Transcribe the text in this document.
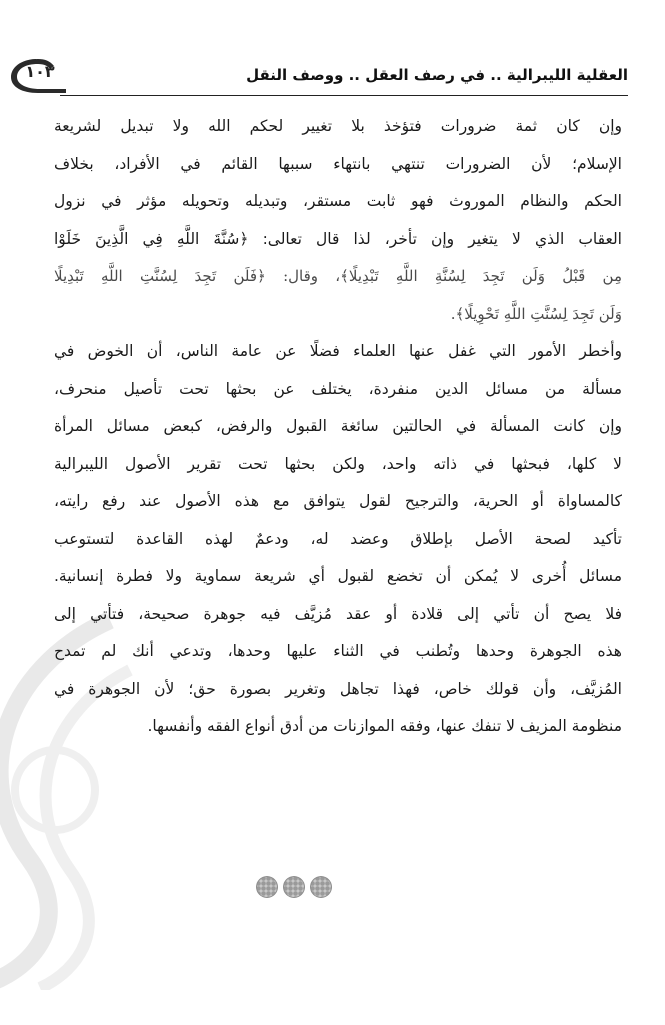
١٠٣	العقلية الليبرالية .. في رصف العقل .. ووصف النقل
وإن كان ثمة ضرورات فتؤخذ بلا تغيير لحكم الله ولا تبديل لشريعة
الإسلام؛ لأن الضرورات تنتهي بانتهاء سببها القائم في الأفراد، بخلاف
الحكم والنظام الموروث فهو ثابت مستقر، وتبديله وتحويله مؤثر في نزول
العقاب الذي لا يتغير وإن تأخر، لذا قال تعالى: ﴿سُنَّةَ اللَّهِ فِي الَّذِينَ خَلَوْا
مِن قَبْلُ وَلَن تَجِدَ لِسُنَّةِ اللَّهِ تَبْدِيلًا﴾، وقال: ﴿فَلَن تَجِدَ لِسُنَّتِ اللَّهِ تَبْدِيلًا
وَلَن تَجِدَ لِسُنَّتِ اللَّهِ تَحْوِيلًا﴾.
وأخطر الأمور التي غفل عنها العلماء فضلًا عن عامة الناس، أن الخوض في
مسألة من مسائل الدين منفردة، يختلف عن بحثها تحت تأصيل منحرف،
وإن كانت المسألة في الحالتين سائغة القبول والرفض، كبعض مسائل المرأة
لا كلها، فبحثها في ذاته واحد، ولكن بحثها تحت تقرير الأصول الليبرالية
كالمساواة أو الحرية، والترجيح لقول يتوافق مع هذه الأصول عند رفع رايته،
تأكيد لصحة الأصل بإطلاق وعضد له، ودعمٌ لهذه القاعدة لتستوعب
مسائل أُخرى لا يُمكن أن تخضع لقبول أي شريعة سماوية ولا فطرة إنسانية.
فلا يصح أن تأتي إلى قلادة أو عقد مُزيَّف فيه جوهرة صحيحة، فتأتي إلى
هذه الجوهرة وحدها وتُطنب في الثناء عليها وحدها، وتدعي أنك لم تمدح
المُزيَّف، وأن قولك خاص، فهذا تجاهل وتغرير بصورة حق؛ لأن الجوهرة في
منظومة المزيف لا تنفك عنها، وفقه الموازنات من أدق أنواع الفقه وأنفسها.
